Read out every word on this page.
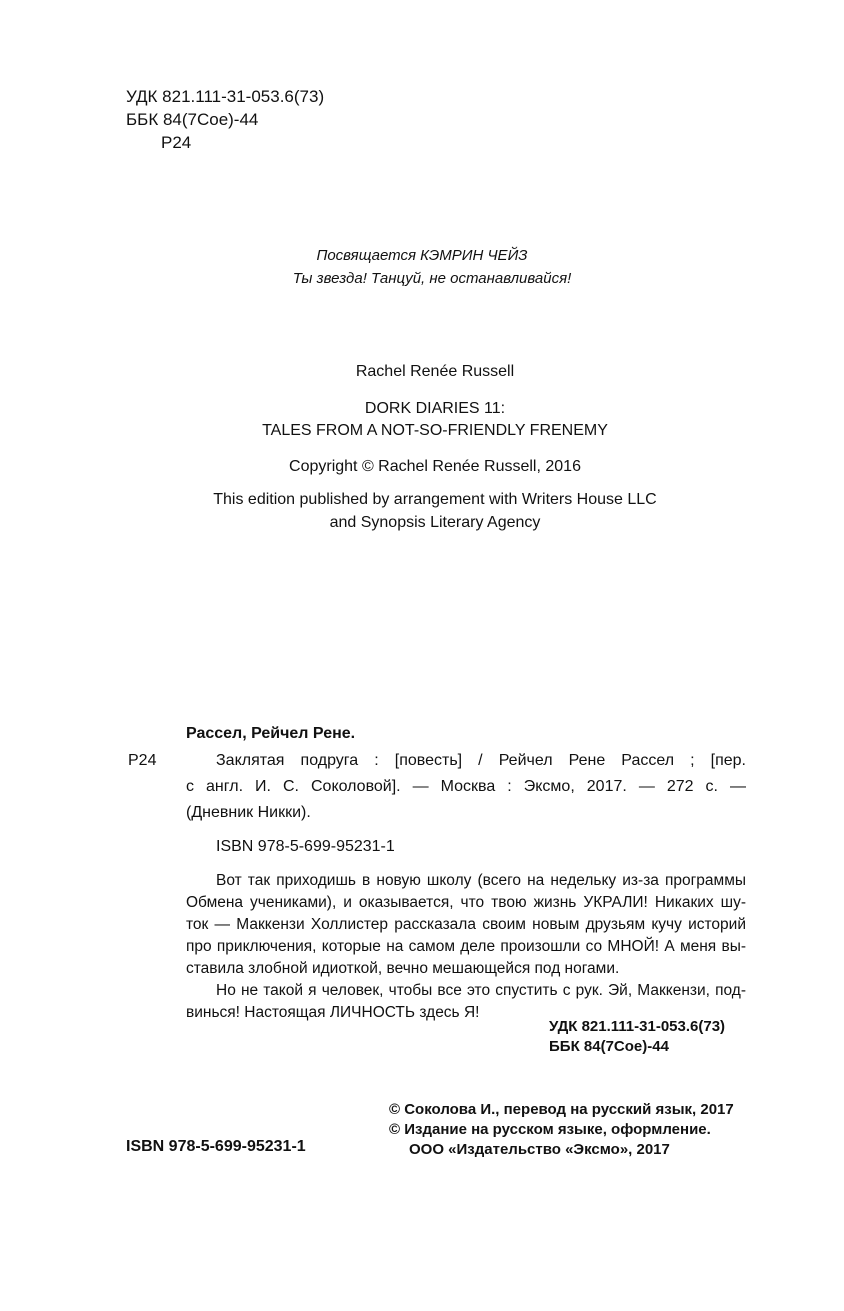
УДК 821.111-31-053.6(73)
ББК 84(7Сое)-44
Р24
Посвящается КЭМРИН ЧЕЙЗ
Ты звезда! Танцуй, не останавливайся!
Rachel Renée Russell
DORK DIARIES 11:
TALES FROM A NOT-SO-FRIENDLY FRENEMY
Copyright © Rachel Renée Russell, 2016
This edition published by arrangement with Writers House LLC
and Synopsis Literary Agency
Рассел, Рейчел Рене.
Р24	Заклятая подруга : [повесть] / Рейчел Рене Рассел ; [пер.
с англ. И. С. Соколовой]. — Москва : Эксмо, 2017. — 272 с. —
(Дневник Никки).
ISBN 978-5-699-95231-1

Вот так приходишь в новую школу (всего на недельку из-за программы

Обмена учениками), и оказывается, что твою жизнь УКРАЛИ! Никаких шу-

ток — Маккензи Холлистер рассказала своим новым друзьям кучу историй

про приключения, которые на самом деле произошли со МНОЙ! А меня вы-

ставила злобной идиоткой, вечно мешающейся под ногами.

Но не такой я человек, чтобы все это спустить с рук. Эй, Маккензи, под-

винься! Настоящая ЛИЧНОСТЬ здесь Я!

УДК 821.111-31-053.6(73)
ББК 84(7Сое)-44
© Соколова И., перевод на русский язык, 2017
© Издание на русском языке, оформление.
ISBN 978-5-699-95231-1	ООО «Издательство «Эксмо», 2017
